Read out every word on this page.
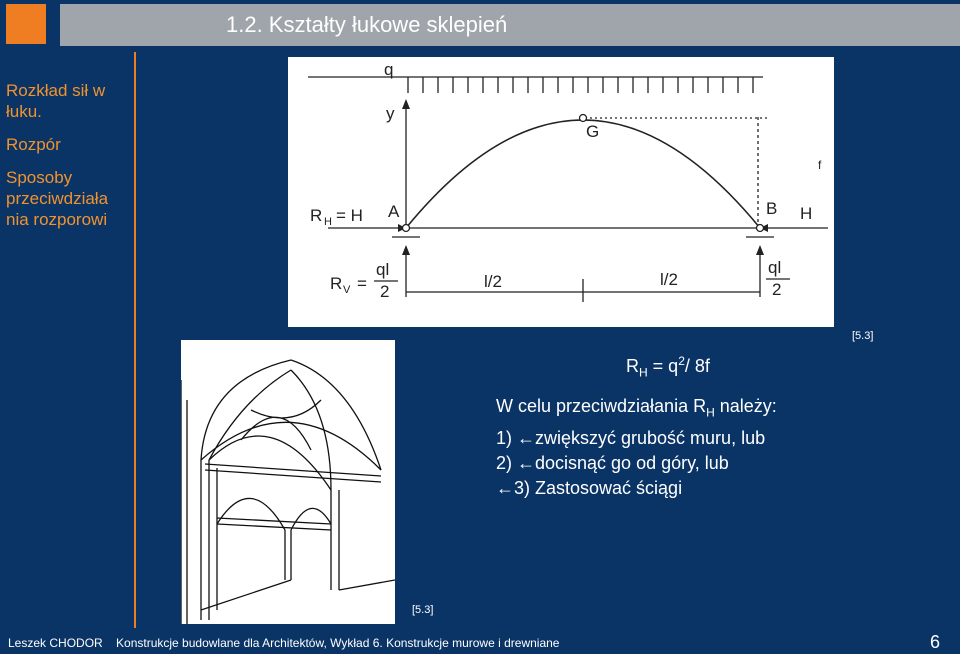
1.2. Kształty łukowe sklepień
Rozkład sił w łuku.
Rozpór
Sposoby przeciwdziała nia rozporowi
q
y
G
f
A	B
R H = H	H
R V =
ql
2
l/2	l/2
ql
2
[5.3]
[5.3]
$R_H = q^2/$ 8f
W celu przeciwdziałania $R_H$ należy:
1) ←zwiększyć grubość muru, lub
2) ←docisnąć go od góry, lub
←3) Zastosować ściągi
Leszek CHODOR Konstrukcje budowlane dla Architektów, Wykład 6. Konstrukcje murowe i drewniane	6
